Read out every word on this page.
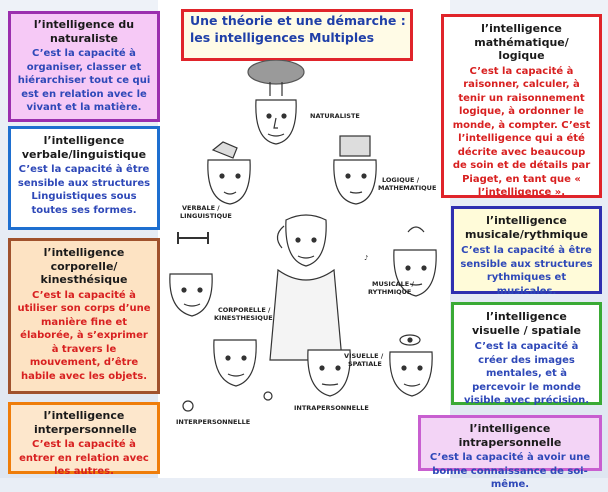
Une théorie et une démarche :
les intelligences Multiples
l’intelligence du naturaliste
C’est la capacité à organiser, classer et hiérarchiser tout ce qui est en relation avec le vivant et la matière.
l’intelligence verbale/linguistique
C’est la capacité à être sensible aux structures Linguistiques sous toutes ses formes.
l’intelligence corporelle/ kinesthésique
C’est la capacité à utiliser son corps d’une manière fine et élaborée, à s’exprimer à travers le mouvement, d’être habile avec les objets.
l’intelligence interpersonnelle
C’est la capacité à entrer en relation avec les autres.
l’intelligence mathématique/ logique
C’est la capacité à raisonner, calculer, à tenir un raisonnement logique, à ordonner le monde, à compter. C’est l’intelligence qui a été décrite avec beaucoup de soin et de détails par Piaget, en tant que « l’intelligence ».
l’intelligence musicale/rythmique
C’est la capacité à être sensible aux structures rythmiques et musicales.
l’intelligence visuelle / spatiale
C’est la capacité à créer des images mentales, et à percevoir le monde visible avec précision.
l’intelligence intrapersonnelle
C’est la capacité à avoir une bonne connaissance de soi-même.
♪
NATURALISTE
VERBALE /
LINGUISTIQUE
LOGIQUE /
MATHEMATIQUE
CORPORELLE /
KINESTHESIQUE
MUSICALE /
RYTHMIQUE
VISUELLE /
SPATIALE
INTERPERSONNELLE
INTRAPERSONNELLE
